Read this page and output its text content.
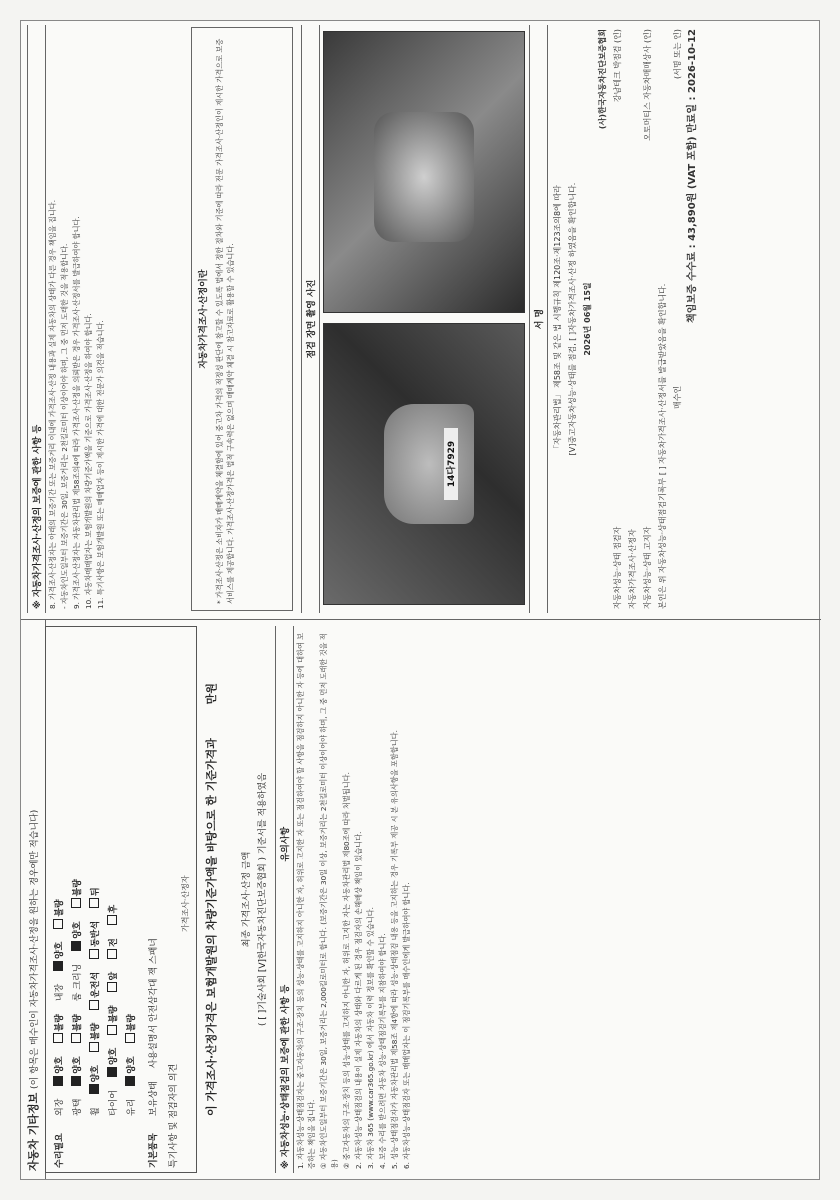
자동차 기타정보 (이 항목은 매수인이 자동차가격조사·산정을 원하는 경우에만 적습니다)
수리필요
외장 양호 불량 내장 양호 불량
광택 양호 불량 룸 크리닝 양호 불량
휠 양호 불량 운전석 동반석 뒤
타이어 양호 불량 앞 전 후
유리 양호 불량
기본품목
보유상태 사용설명서 안전삼각대 잭 스패너
특기사항 및 점검자의 의견
가격조사·산정자 이 가격조사·산정가격은 보험개발원의 차량기준가액을 바탕으로 한 기준가격과 만원
최종 가격조사·산정 금액 ( [ ]기술사회 [V]한국자동차진단보증협회 ) 기준서를 적용하였음
※ 자동차성능·상태점검의 보증에 관한 사항 등 유의사항 1. 자동차성능·상태점검자는 중고자동차의 구조·장치 등의 성능·상태를 고지하지 아니한 자, 허위로 고지한 자 또는 점검하여야 할 사항을 점검하지 아니한 자 등에 대하여 보증하는 책임을 집니다. ① 자동차인도일부터 보증기간은 30일, 보증거리는 2,000킬로미터로 합니다. (보증기간은 30일 이상, 보증거리는 2천킬로미터 이상이어야 하며, 그 중 먼저 도래한 것을 적용) ② 중고자동차의 구조·장치 등의 성능·상태를 고지하지 아니한 자, 허위로 고지한 자는 자동차관리법 제80조에 따라 처벌됩니다. 2. 자동차성능·상태점검의 내용이 실제 자동차의 상태와 다르게 된 경우 점검자의 손해배상 책임이 있습니다. 3. 자동차 365 (www.car365.go.kr) 에서 자동차 이력 정보를 확인할 수 있습니다. 4. 보증 수리를 받으려면 자동차 성능·상태점검기록부를 지참하여야 합니다. 5. 성능·상태점검자가 자동차관리법 제58조 제4항에 따라 성능·상태점검 내용 등을 고지하는 경우 기록부 제공 시 본 유의사항을 포함합니다. 6. 자동차성능·상태점검자 또는 매매업자는 이 점검기록부를 매수인에게 발급하여야 합니다.

※ 자동차가격조사·산정의 보증에 관한 사항 등 8. 가격조사·산정자는 아래의 보증기간 또는 보증거리 이내에 가격조사·산정 내용과 실제 자동차의 상태가 다른 경우 책임을 집니다. - 자동차인도일부터 보증기간은 30일, 보증거리는 2천킬로미터 이상이어야 하며, 그 중 먼저 도래한 것을 적용합니다. 9. 가격조사·산정자는 자동차관리법 제58조의4에 따라 가격조사·산정을 의뢰받은 경우 가격조사·산정서를 발급하여야 합니다. 10. 자동차매매업자는 보험개발원의 차량기준가액을 기준으로 가격조사·산정을 하여야 합니다. 11. 특기사항은 보험개발원 또는 매매업자 등이 제시한 가격에 대한 전문가 의견을 적습니다.

자동차가격조사·산정이란 * 가격조사·산정은 소비자가 매매계약을 체결함에 있어 중고차 가격의 적정성 판단에 참고할 수 있도록 법에서 정한 절차와 기준에 따라 전문 가격조사·산정인이 제시한 가격으로 보증서비스를 제공합니다. 가격조사·산정가격은 법적 구속력은 없으며 매매계약 체결 시 참고자료로 활용할 수 있습니다.	점검 장면 촬영 사진
14다7929
서 명	「자동차관리법」 제58조 및 같은 법 시행규칙 제120조·제123조의8에 따라 [V]중고자동차성능·상태를 점검, [ ]자동차가격조사·산정 하였음을 확인합니다. 2026년 06월 15일

(사)한국자동차진단보증협회

자동차성능·상태 점검자
강남테크 박점검 (인)

자동차가격조사·산정자 자동차성능·상태 고지자
오토머티스 자동차매매상사 (인)

본인은 위 자동차성능·상태점검기록부 [ ] 자동차가격조사·산정서를 발급받았음을 확인합니다. 매수인
(서명 또는 인) 책임보증 수수료 : 43,890원 (VAT 포함) 만료일 : 2026-10-12
